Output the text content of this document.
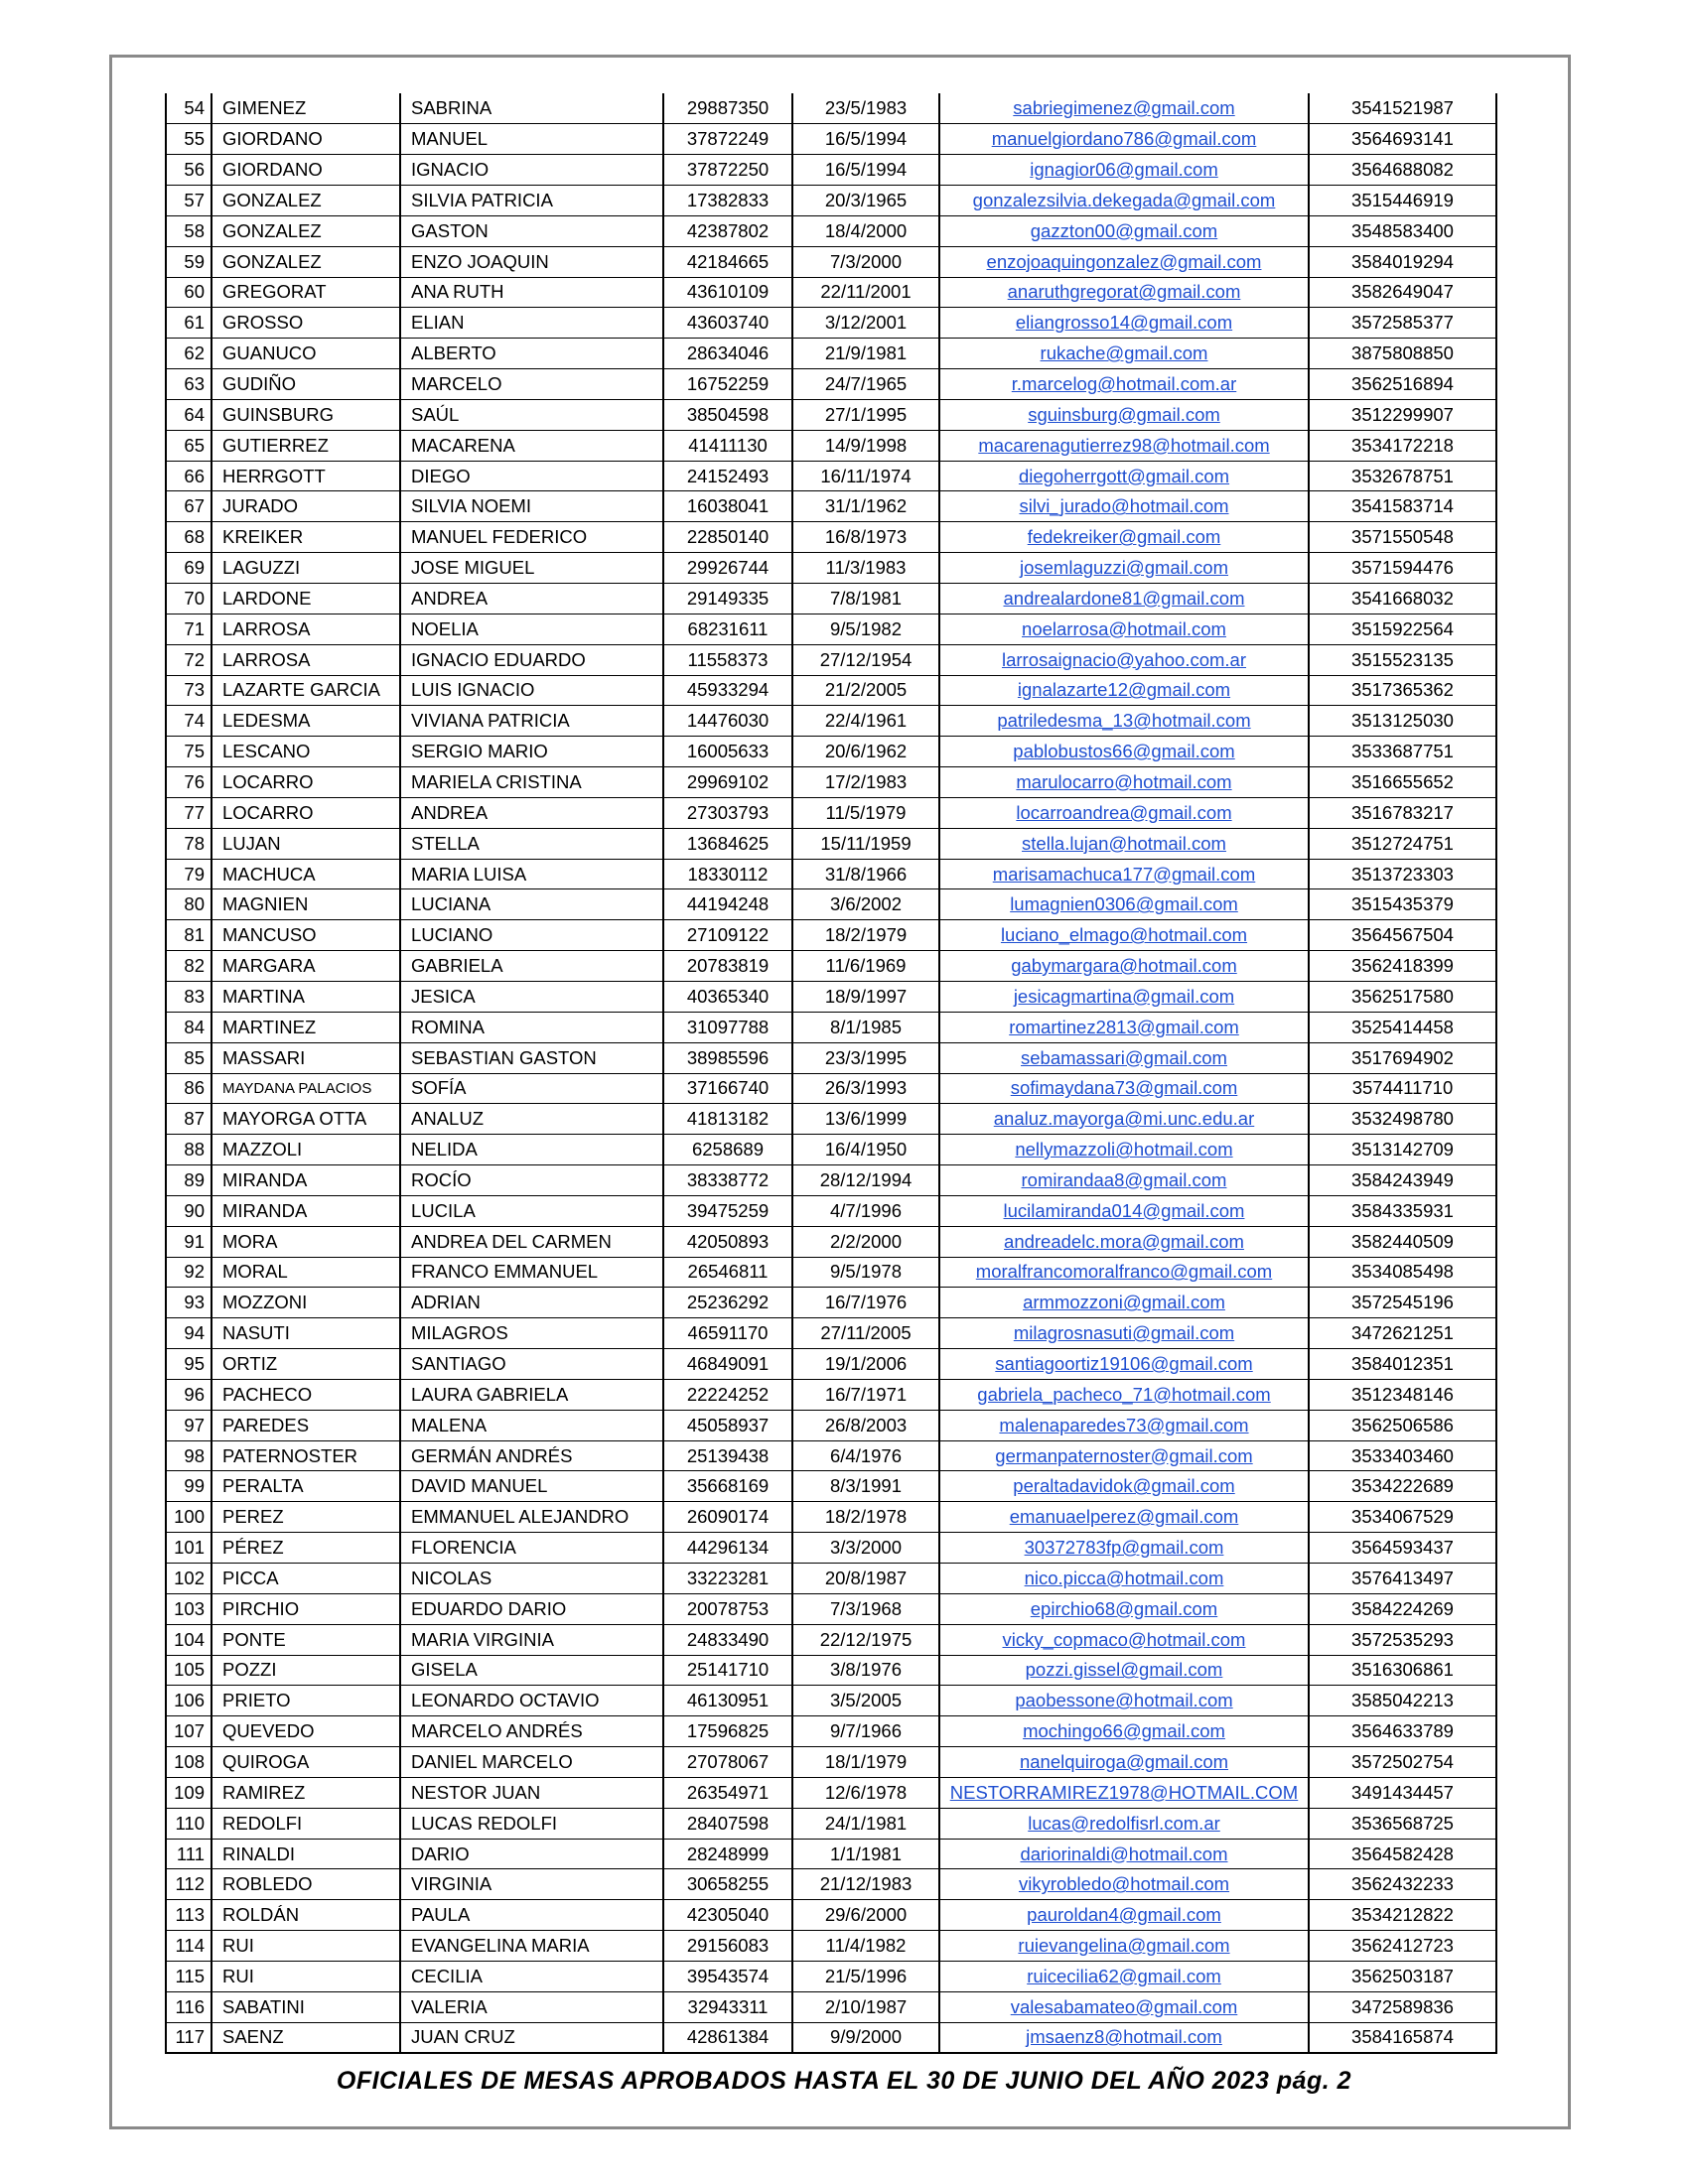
54	GIMENEZ	SABRINA	29887350	23/5/1983	sabriegimenez@gmail.com	3541521987
55	GIORDANO	MANUEL	37872249	16/5/1994	manuelgiordano786@gmail.com	3564693141
56	GIORDANO	IGNACIO	37872250	16/5/1994	ignagior06@gmail.com	3564688082
57	GONZALEZ	SILVIA PATRICIA	17382833	20/3/1965	gonzalezsilvia.dekegada@gmail.com	3515446919
58	GONZALEZ	GASTON	42387802	18/4/2000	gazzton00@gmail.com	3548583400
59	GONZALEZ	ENZO JOAQUIN	42184665	7/3/2000	enzojoaquingonzalez@gmail.com	3584019294
60	GREGORAT	ANA RUTH	43610109	22/11/2001	anaruthgregorat@gmail.com	3582649047
61	GROSSO	ELIAN	43603740	3/12/2001	eliangrosso14@gmail.com	3572585377
62	GUANUCO	ALBERTO	28634046	21/9/1981	rukache@gmail.com	3875808850
63	GUDIÑO	MARCELO	16752259	24/7/1965	r.marcelog@hotmail.com.ar	3562516894
64	GUINSBURG	SAÚL	38504598	27/1/1995	sguinsburg@gmail.com	3512299907
65	GUTIERREZ	MACARENA	41411130	14/9/1998	macarenagutierrez98@hotmail.com	3534172218
66	HERRGOTT	DIEGO	24152493	16/11/1974	diegoherrgott@gmail.com	3532678751
67	JURADO	SILVIA NOEMI	16038041	31/1/1962	silvi_jurado@hotmail.com	3541583714
68	KREIKER	MANUEL FEDERICO	22850140	16/8/1973	fedekreiker@gmail.com	3571550548
69	LAGUZZI	JOSE MIGUEL	29926744	11/3/1983	josemlaguzzi@gmail.com	3571594476
70	LARDONE	ANDREA	29149335	7/8/1981	andrealardone81@gmail.com	3541668032
71	LARROSA	NOELIA	68231611	9/5/1982	noelarrosa@hotmail.com	3515922564
72	LARROSA	IGNACIO EDUARDO	11558373	27/12/1954	larrosaignacio@yahoo.com.ar	3515523135
73	LAZARTE GARCIA	LUIS IGNACIO	45933294	21/2/2005	ignalazarte12@gmail.com	3517365362
74	LEDESMA	VIVIANA PATRICIA	14476030	22/4/1961	patriledesma_13@hotmail.com	3513125030
75	LESCANO	SERGIO MARIO	16005633	20/6/1962	pablobustos66@gmail.com	3533687751
76	LOCARRO	MARIELA CRISTINA	29969102	17/2/1983	marulocarro@hotmail.com	3516655652
77	LOCARRO	ANDREA	27303793	11/5/1979	locarroandrea@gmail.com	3516783217
78	LUJAN	STELLA	13684625	15/11/1959	stella.lujan@hotmail.com	3512724751
79	MACHUCA	MARIA LUISA	18330112	31/8/1966	marisamachuca177@gmail.com	3513723303
80	MAGNIEN	LUCIANA	44194248	3/6/2002	lumagnien0306@gmail.com	3515435379
81	MANCUSO	LUCIANO	27109122	18/2/1979	luciano_elmago@hotmail.com	3564567504
82	MARGARA	GABRIELA	20783819	11/6/1969	gabymargara@hotmail.com	3562418399
83	MARTINA	JESICA	40365340	18/9/1997	jesicagmartina@gmail.com	3562517580
84	MARTINEZ	ROMINA	31097788	8/1/1985	romartinez2813@gmail.com	3525414458
85	MASSARI	SEBASTIAN GASTON	38985596	23/3/1995	sebamassari@gmail.com	3517694902
86	MAYDANA PALACIOS	SOFÍA	37166740	26/3/1993	sofimaydana73@gmail.com	3574411710
87	MAYORGA OTTA	ANALUZ	41813182	13/6/1999	analuz.mayorga@mi.unc.edu.ar	3532498780
88	MAZZOLI	NELIDA	6258689	16/4/1950	nellymazzoli@hotmail.com	3513142709
89	MIRANDA	ROCÍO	38338772	28/12/1994	romirandaa8@gmail.com	3584243949
90	MIRANDA	LUCILA	39475259	4/7/1996	lucilamiranda014@gmail.com	3584335931
91	MORA	ANDREA DEL CARMEN	42050893	2/2/2000	andreadelc.mora@gmail.com	3582440509
92	MORAL	FRANCO EMMANUEL	26546811	9/5/1978	moralfrancomoralfranco@gmail.com	3534085498
93	MOZZONI	ADRIAN	25236292	16/7/1976	armmozzoni@gmail.com	3572545196
94	NASUTI	MILAGROS	46591170	27/11/2005	milagrosnasuti@gmail.com	3472621251
95	ORTIZ	SANTIAGO	46849091	19/1/2006	santiagoortiz19106@gmail.com	3584012351
96	PACHECO	LAURA GABRIELA	22224252	16/7/1971	gabriela_pacheco_71@hotmail.com	3512348146
97	PAREDES	MALENA	45058937	26/8/2003	malenaparedes73@gmail.com	3562506586
98	PATERNOSTER	GERMÁN ANDRÉS	25139438	6/4/1976	germanpaternoster@gmail.com	3533403460
99	PERALTA	DAVID MANUEL	35668169	8/3/1991	peraltadavidok@gmail.com	3534222689
100	PEREZ	EMMANUEL ALEJANDRO	26090174	18/2/1978	emanuaelperez@gmail.com	3534067529
101	PÉREZ	FLORENCIA	44296134	3/3/2000	30372783fp@gmail.com	3564593437
102	PICCA	NICOLAS	33223281	20/8/1987	nico.picca@hotmail.com	3576413497
103	PIRCHIO	EDUARDO DARIO	20078753	7/3/1968	epirchio68@gmail.com	3584224269
104	PONTE	MARIA VIRGINIA	24833490	22/12/1975	vicky_copmaco@hotmail.com	3572535293
105	POZZI	GISELA	25141710	3/8/1976	pozzi.gissel@gmail.com	3516306861
106	PRIETO	LEONARDO OCTAVIO	46130951	3/5/2005	paobessone@hotmail.com	3585042213
107	QUEVEDO	MARCELO ANDRÉS	17596825	9/7/1966	mochingo66@gmail.com	3564633789
108	QUIROGA	DANIEL MARCELO	27078067	18/1/1979	nanelquiroga@gmail.com	3572502754
109	RAMIREZ	NESTOR JUAN	26354971	12/6/1978	NESTORRAMIREZ1978@HOTMAIL.COM	3491434457
110	REDOLFI	LUCAS REDOLFI	28407598	24/1/1981	lucas@redolfisrl.com.ar	3536568725
111	RINALDI	DARIO	28248999	1/1/1981	dariorinaldi@hotmail.com	3564582428
112	ROBLEDO	VIRGINIA	30658255	21/12/1983	vikyrobledo@hotmail.com	3562432233
113	ROLDÁN	PAULA	42305040	29/6/2000	pauroldan4@gmail.com	3534212822
114	RUI	EVANGELINA MARIA	29156083	11/4/1982	ruievangelina@gmail.com	3562412723
115	RUI	CECILIA	39543574	21/5/1996	ruicecilia62@gmail.com	3562503187
116	SABATINI	VALERIA	32943311	2/10/1987	valesabamateo@gmail.com	3472589836
117	SAENZ	JUAN CRUZ	42861384	9/9/2000	jmsaenz8@hotmail.com	3584165874
OFICIALES DE MESAS APROBADOS HASTA EL 30 DE JUNIO DEL AÑO 2023 pág. 2
